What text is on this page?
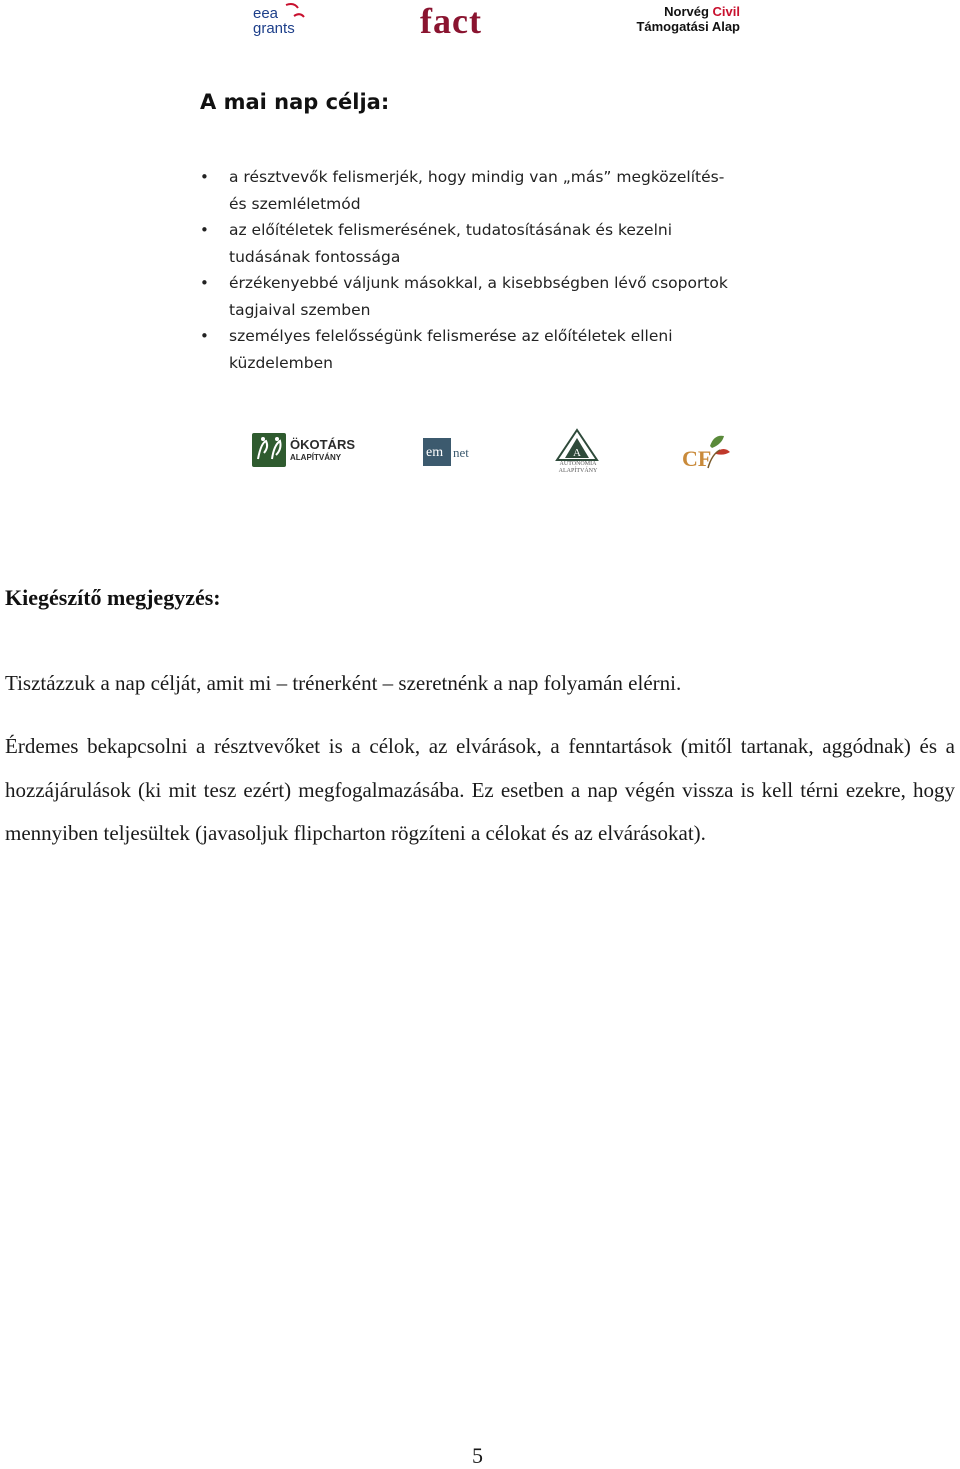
eea
grants	fact	Norvég Civil
Támogatási Alap
A mai nap célja:
• a résztvevők felismerjék, hogy mindig van „más” megközelítés- és szemléletmód
• az előítéletek felismerésének, tudatosításának és kezelni tudásának fontossága
• érzékenyebbé váljunk másokkal, a kisebbségben lévő csoportok tagjaival szemben
• személyes felelősségünk felismerése az előítéletek elleni küzdelemben
ÖKOTÁRS
ALAPÍTVÁNY	em net	A
AUTONÓMIA
ALAPÍTVÁNY	CF
Kiegészítő megjegyzés:
Tisztázzuk a nap célját, amit mi – trénerként – szeretnénk a nap folyamán elérni.
Érdemes bekapcsolni a résztvevőket is a célok, az elvárások, a fenntartások (mitől tartanak, aggódnak) és a hozzájárulások (ki mit tesz ezért) megfogalmazásába. Ez esetben a nap végén vissza is kell térni ezekre, hogy mennyiben teljesültek (javasoljuk flipcharton rögzíteni a célokat és az elvárásokat).
5
